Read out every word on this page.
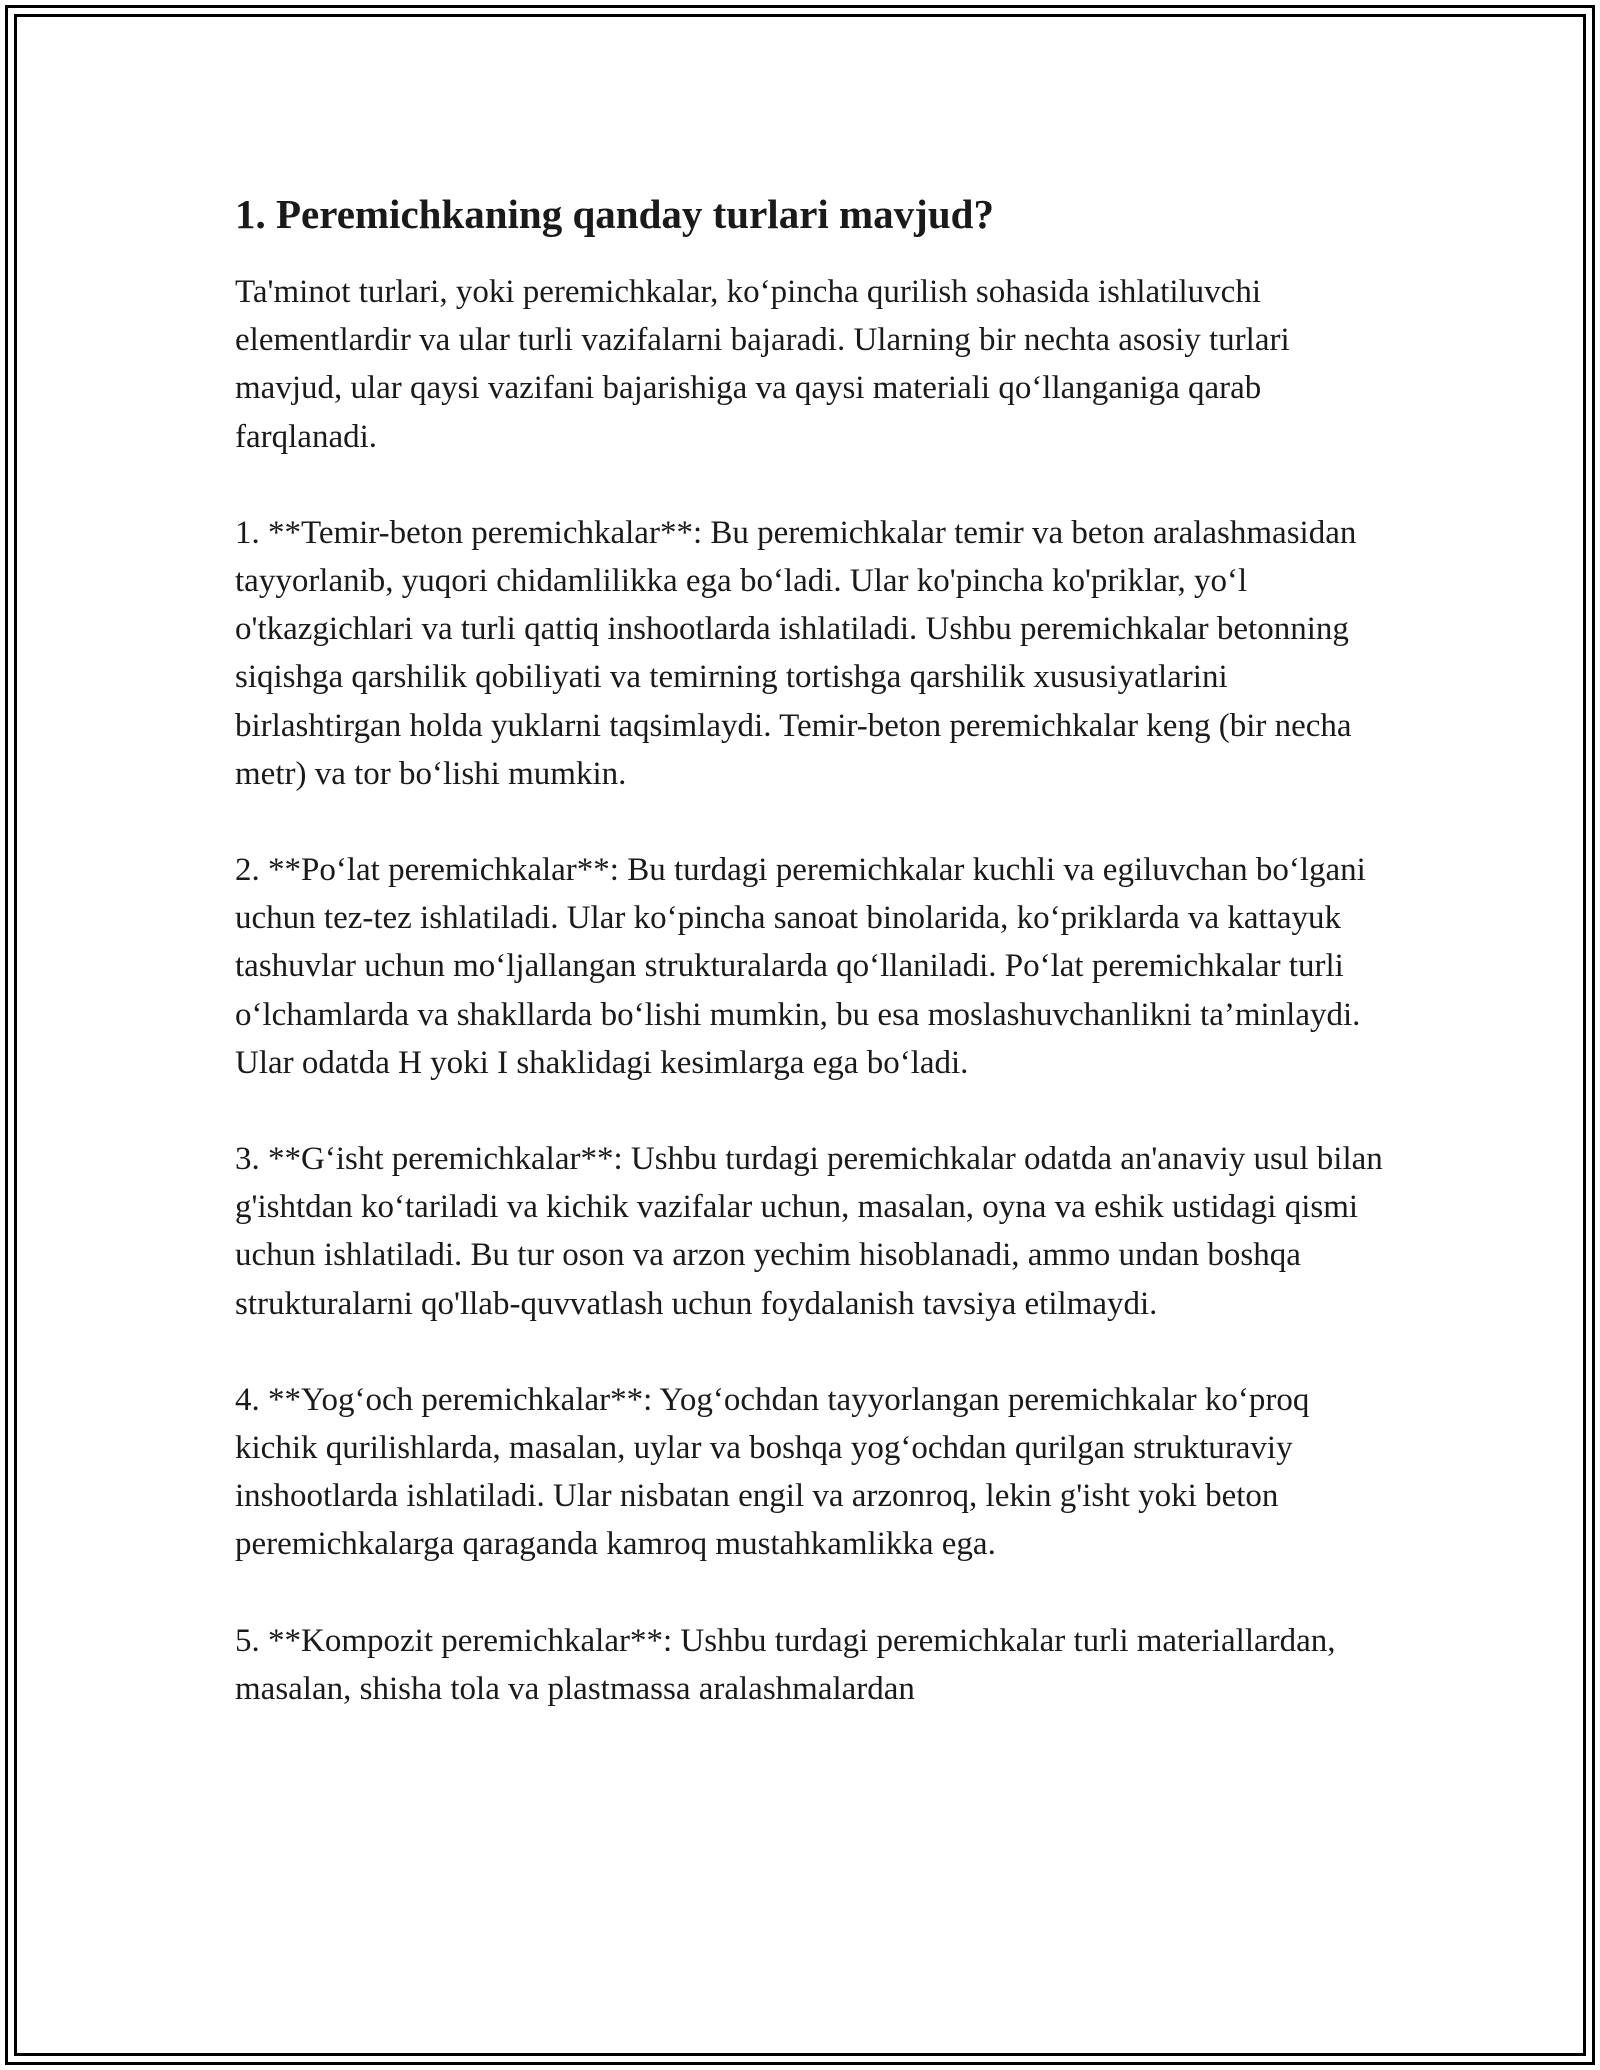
1. Peremichkaning qanday turlari mavjud?

Ta'minot turlari, yoki peremichkalar, ko‘pincha qurilish sohasida ishlatiluvchi elementlardir va ular turli vazifalarni bajaradi. Ularning bir nechta asosiy turlari mavjud, ular qaysi vazifani bajarishiga va qaysi materiali qo‘llanganiga qarab farqlanadi.

1. **Temir-beton peremichkalar**: Bu peremichkalar temir va beton aralashmasidan tayyorlanib, yuqori chidamlilikka ega bo‘ladi. Ular ko'pincha ko'priklar, yo‘l o'tkazgichlari va turli qattiq inshootlarda ishlatiladi. Ushbu peremichkalar betonning siqishga qarshilik qobiliyati va temirning tortishga qarshilik xususiyatlarini birlashtirgan holda yuklarni taqsimlaydi. Temir-beton peremichkalar keng (bir necha metr) va tor bo‘lishi mumkin.

2. **Po‘lat peremichkalar**: Bu turdagi peremichkalar kuchli va egiluvchan bo‘lgani uchun tez-tez ishlatiladi. Ular ko‘pincha sanoat binolarida, ko‘priklarda va kattayuk tashuvlar uchun mo‘ljallangan strukturalarda qo‘llaniladi. Po‘lat peremichkalar turli o‘lchamlarda va shakllarda bo‘lishi mumkin, bu esa moslashuvchanlikni ta’minlaydi. Ular odatda H yoki I shaklidagi kesimlarga ega bo‘ladi.

3. **G‘isht peremichkalar**: Ushbu turdagi peremichkalar odatda an'anaviy usul bilan g'ishtdan ko‘tariladi va kichik vazifalar uchun, masalan, oyna va eshik ustidagi qismi uchun ishlatiladi. Bu tur oson va arzon yechim hisoblanadi, ammo undan boshqa strukturalarni qo'llab-quvvatlash uchun foydalanish tavsiya etilmaydi.

4. **Yog‘och peremichkalar**: Yog‘ochdan tayyorlangan peremichkalar ko‘proq kichik qurilishlarda, masalan, uylar va boshqa yog‘ochdan qurilgan strukturaviy inshootlarda ishlatiladi. Ular nisbatan engil va arzonroq, lekin g'isht yoki beton peremichkalarga qaraganda kamroq mustahkamlikka ega.

5. **Kompozit peremichkalar**: Ushbu turdagi peremichkalar turli materiallardan, masalan, shisha tola va plastmassa aralashmalardan
